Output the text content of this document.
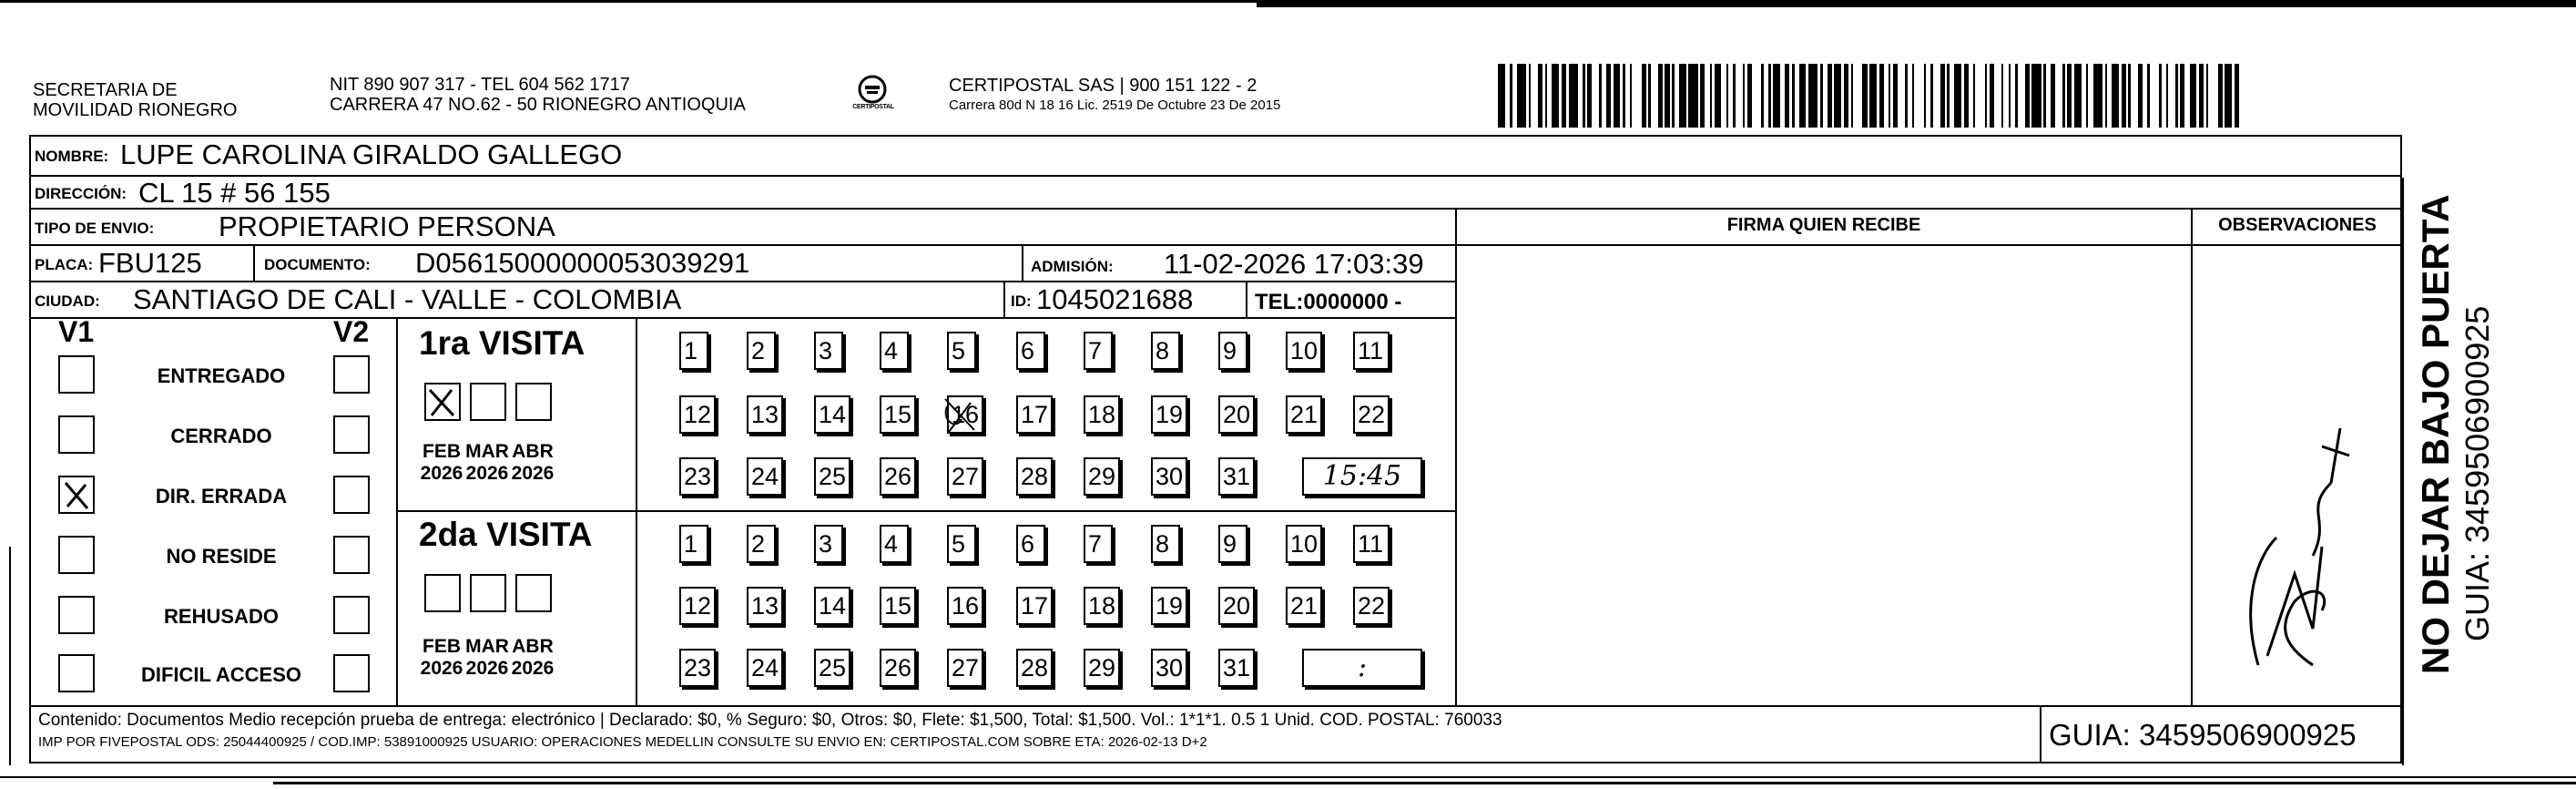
SECRETARIA DE
MOVILIDAD RIONEGRO
NIT 890 907 317 - TEL 604 562 1717
CARRERA 47 NO.62 - 50 RIONEGRO ANTIOQUIA	CERTIPOSTAL
CERTIPOSTAL SAS | 900 151 122 - 2
Carrera 80d N 18 16 Lic. 2519 De Octubre 23 De 2015
NOMBRE: LUPE CAROLINA GIRALDO GALLEGO
DIRECCIÓN: CL 15 # 56 155
TIPO DE ENVIO: PROPIETARIO PERSONA
PLACA: FBU125	DOCUMENTO: D05615000000053039291	ADMISIÓN: 11-02-2026 17:03:39
CIUDAD: SANTIAGO DE CALI - VALLE - COLOMBIA	ID: 1045021688	TEL:0000000 -
FIRMA QUIEN RECIBE	OBSERVACIONES
V1	V2
ENTREGADO
CERRADO
DIR. ERRADA
NO RESIDE
REHUSADO
DIFICIL ACCESO
1ra VISITA
2da VISITA
FEB
2026
MAR
2026
ABR
2026
FEB
2026
MAR
2026
ABR
2026
1	2	3	4	5	6	7	8	9	10 11
12 13 14 15 16 17 18 19 20 21 22
23 24 25 26 27 28 29 30 31	15:45
1	2	3	4	5	6	7	8	9	10 11
12 13 14 15 16 17 18 19 20 21 22
23 24 25 26 27 28 29 30 31	:
Contenido: Documentos Medio recepción prueba de entrega: electrónico | Declarado: $0, % Seguro: $0, Otros: $0, Flete: $1,500, Total: $1,500. Vol.: 1*1*1. 0.5 1 Unid. COD. POSTAL: 760033
IMP POR FIVEPOSTAL ODS: 25044400925 / COD.IMP: 53891000925 USUARIO: OPERACIONES MEDELLIN CONSULTE SU ENVIO EN: CERTIPOSTAL.COM SOBRE ETA: 2026-02-13 D+2	GUIA: 3459506900925
NO DEJAR BAJO PUERTA GUIA: 3459506900925
